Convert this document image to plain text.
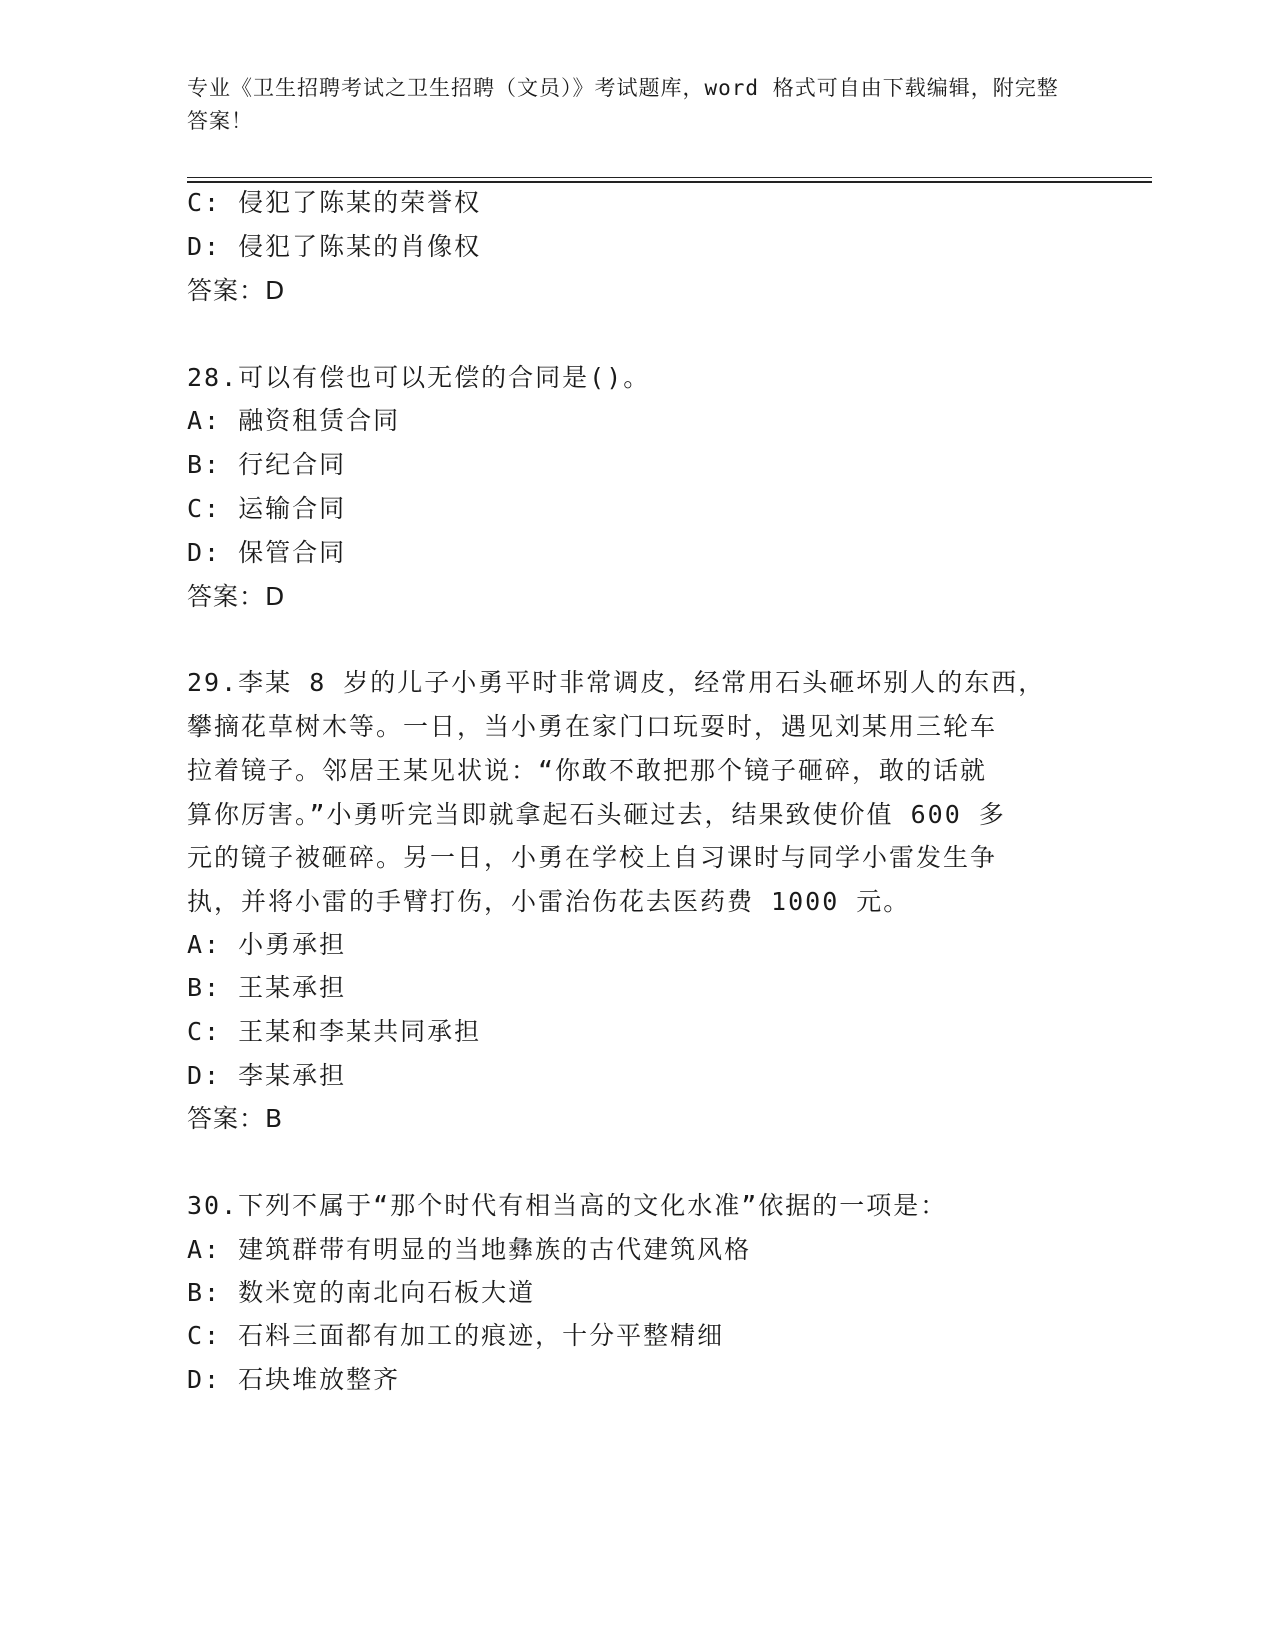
专业《卫生招聘考试之卫生招聘（文员）》考试题库，word 格式可自由下载编辑，附完整答案！
C: 侵犯了陈某的荣誉权
D: 侵犯了陈某的肖像权
答案：D
28.可以有偿也可以无偿的合同是()。
A: 融资租赁合同
B: 行纪合同
C: 运输合同
D: 保管合同
答案：D
29.李某 8 岁的儿子小勇平时非常调皮，经常用石头砸坏别人的东西，
攀摘花草树木等。一日，当小勇在家门口玩耍时，遇见刘某用三轮车
拉着镜子。邻居王某见状说：“你敢不敢把那个镜子砸碎，敢的话就
算你厉害。”小勇听完当即就拿起石头砸过去，结果致使价值 600 多
元的镜子被砸碎。另一日，小勇在学校上自习课时与同学小雷发生争
执，并将小雷的手臂打伤，小雷治伤花去医药费 1000 元。
A: 小勇承担
B: 王某承担
C: 王某和李某共同承担
D: 李某承担
答案：B
30.下列不属于“那个时代有相当高的文化水准”依据的一项是：
A: 建筑群带有明显的当地彝族的古代建筑风格
B: 数米宽的南北向石板大道
C: 石料三面都有加工的痕迹，十分平整精细
D: 石块堆放整齐
